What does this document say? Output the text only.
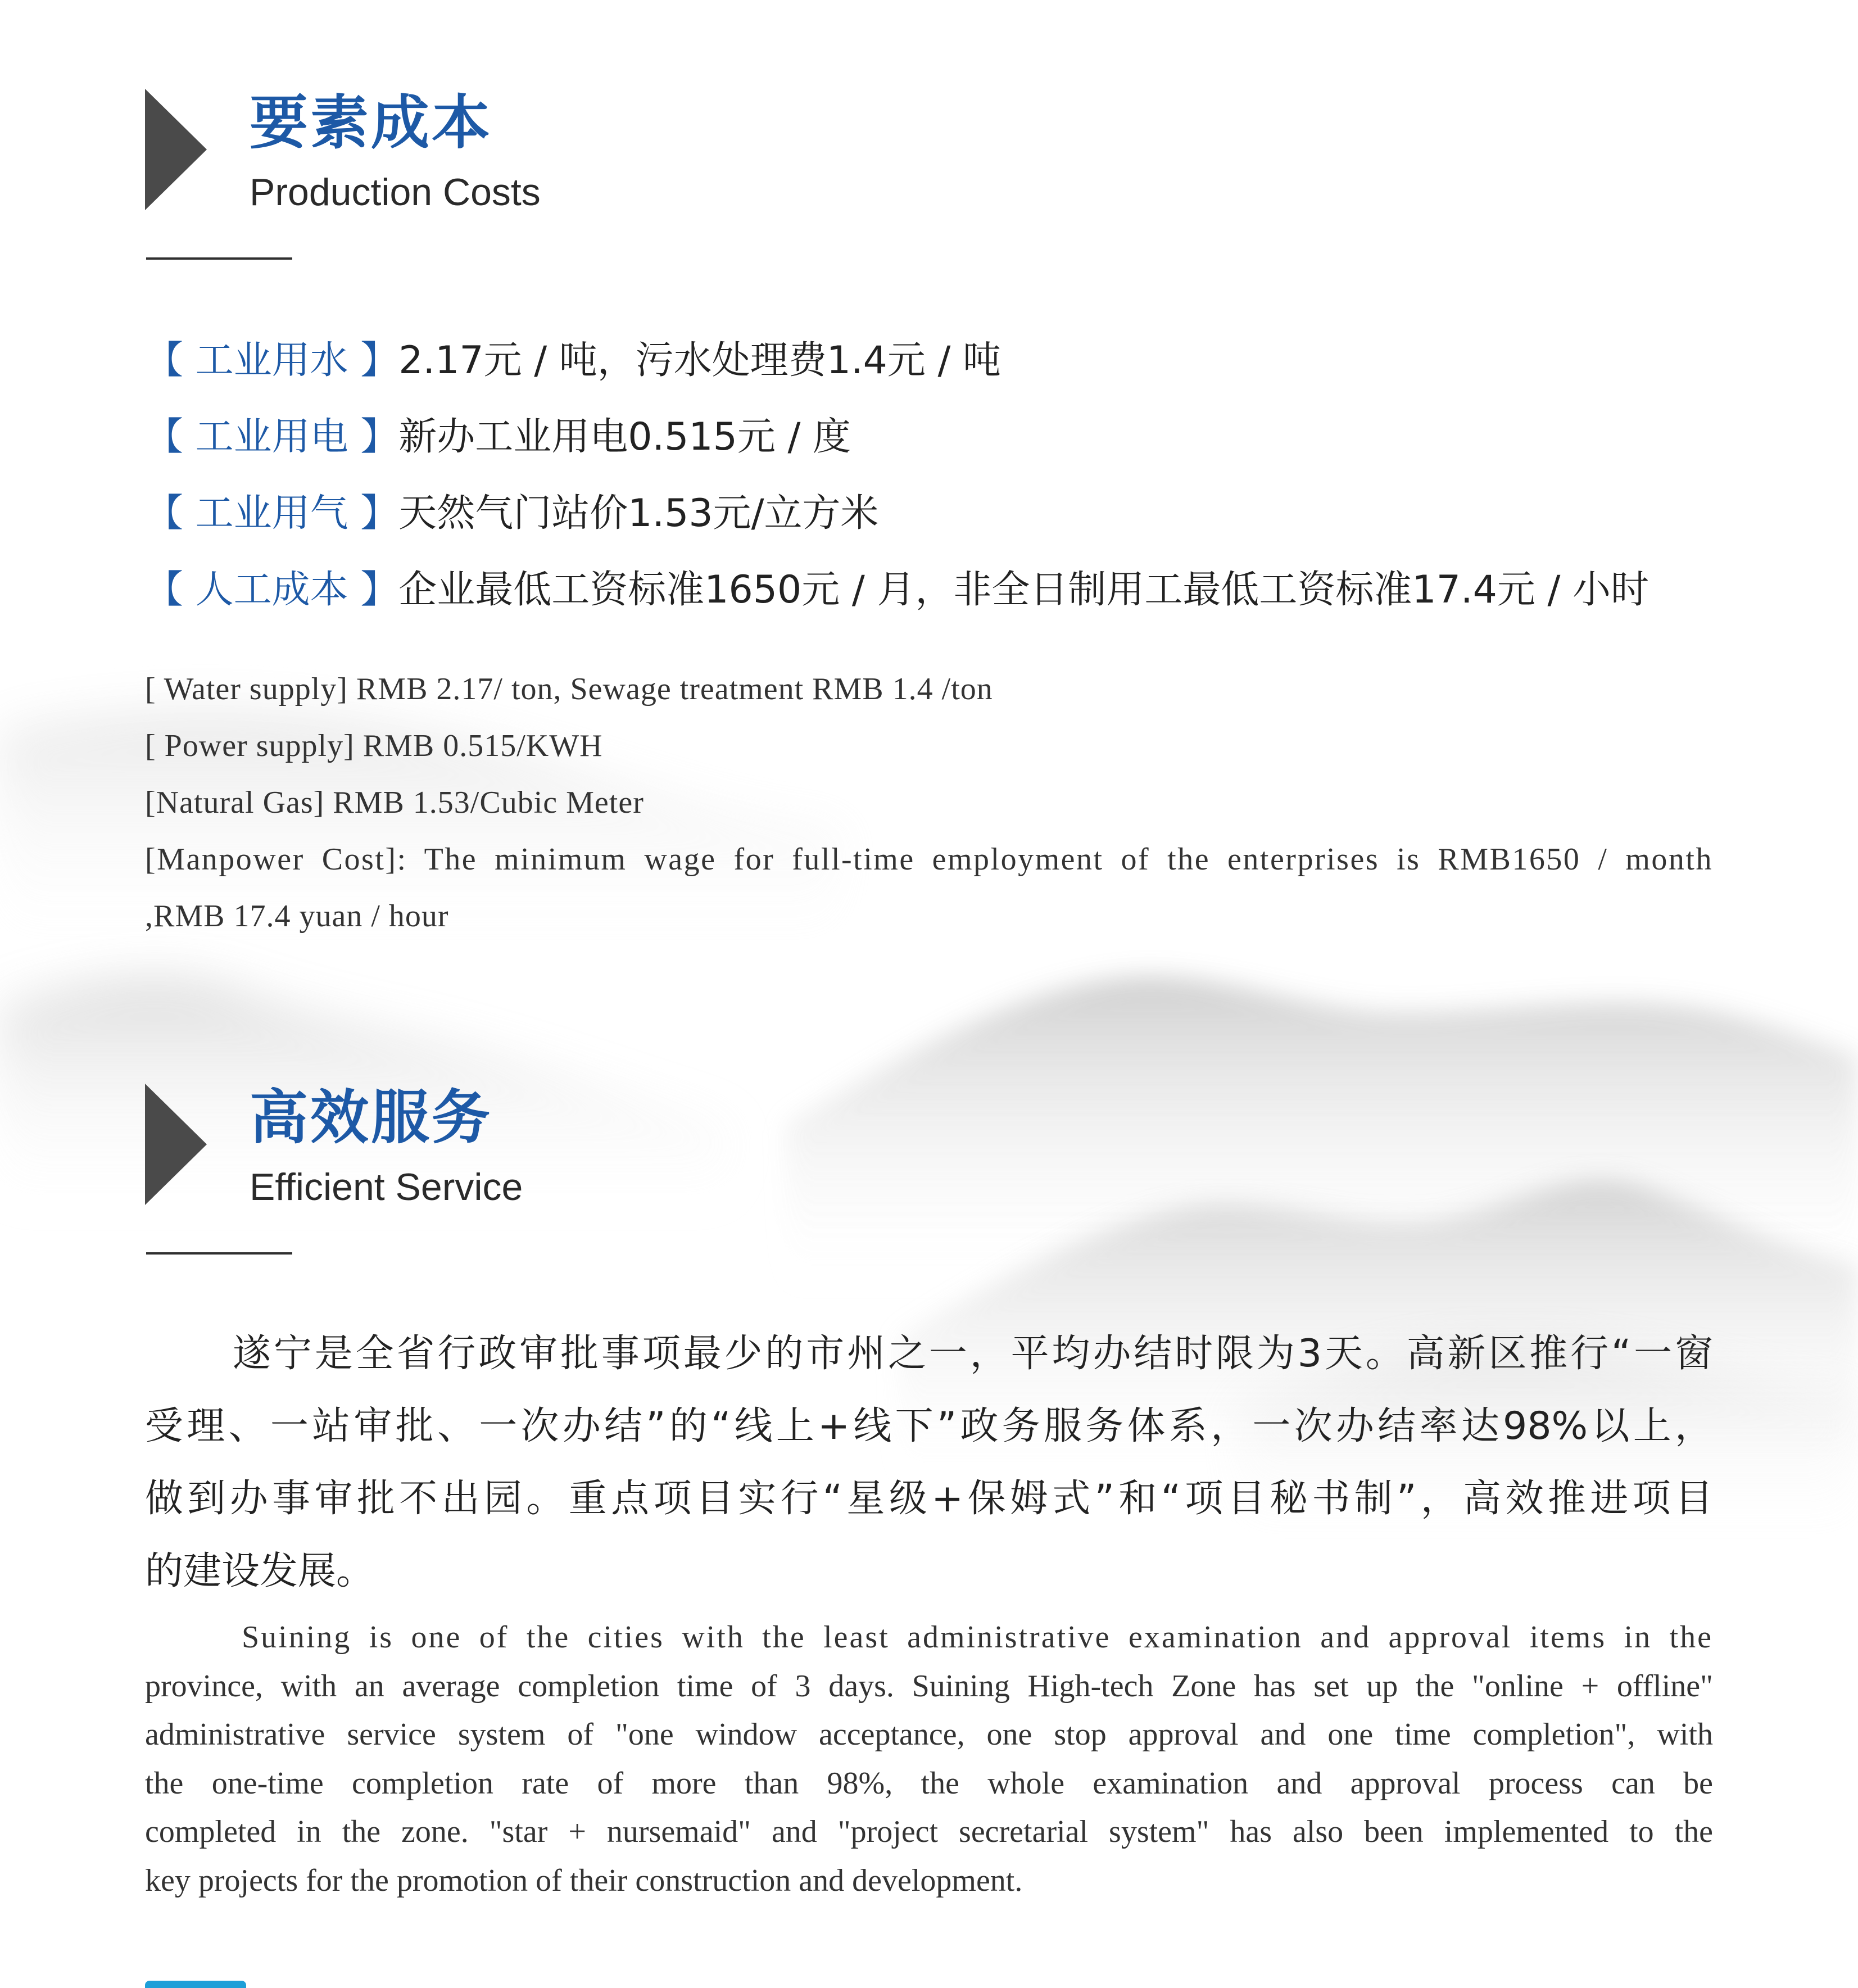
要素成本
Production Costs
【 工业用水 】2.17元 / 吨，污水处理费1.4元 / 吨
【 工业用电 】新办工业用电0.515元 / 度
【 工业用气 】天然气门站价1.53元/立方米
【 人工成本 】企业最低工资标准1650元 / 月，非全日制用工最低工资标准17.4元 / 小时
[ Water supply] RMB 2.17/ ton, Sewage treatment RMB 1.4 /ton
[ Power supply] RMB 0.515/KWH
[Natural Gas] RMB 1.53/Cubic Meter
[Manpower Cost]: The minimum wage for full-time employment of the enterprises is RMB1650 / month
,RMB 17.4 yuan / hour
高效服务
Efficient Service
遂宁是全省行政审批事项最少的市州之一，平均办结时限为3天。高新区推行“一窗
受理、一站审批、一次办结”的“线上+线下”政务服务体系，一次办结率达98%以上，
做到办事审批不出园。重点项目实行“星级+保姆式”和“项目秘书制”，高效推进项目
的建设发展。
Suining is one of the cities with the least administrative examination and approval items in the
province, with an average completion time of 3 days. Suining High-tech Zone has set up the "online + offline"
administrative service system of "one window acceptance, one stop approval and one time completion", with
the one-time completion rate of more than 98%, the whole examination and approval process can be
completed in the zone. "star + nursemaid" and "project secretarial system" has also been implemented to the
key projects for the promotion of their construction and development.
